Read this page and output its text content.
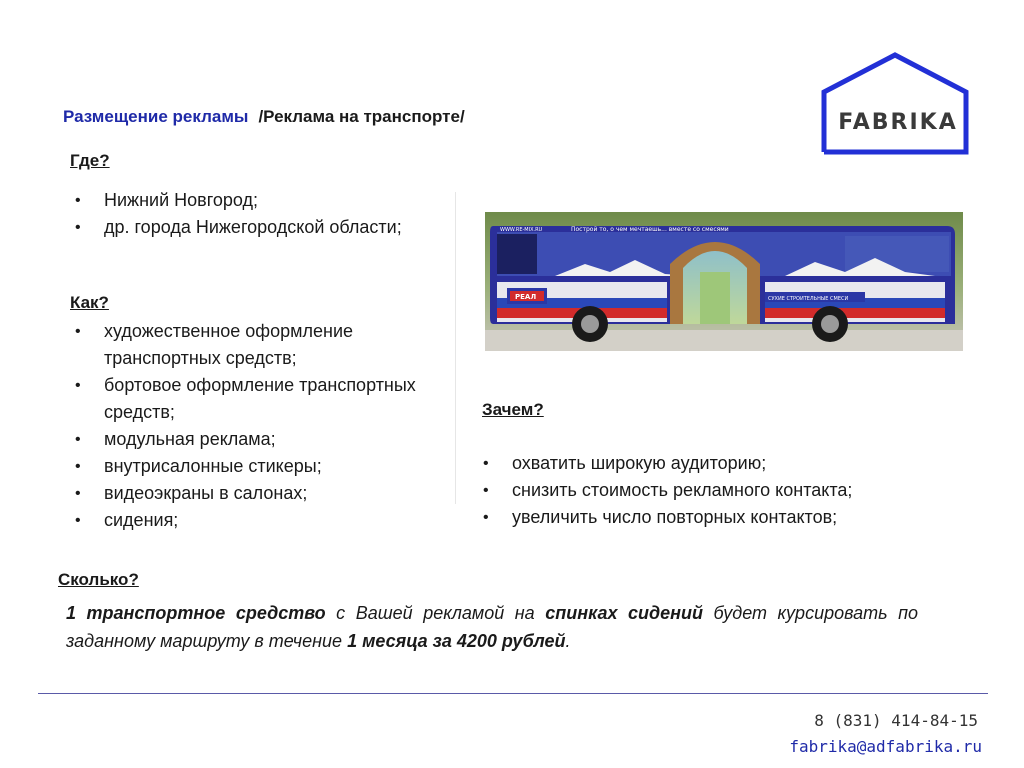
FABRIKA
Размещение рекламы /Реклама на транспорте/
Где?
• Нижний Новгород;
• др. города Нижегородской области;
Как?
• художественное оформление транспортных средств;
• бортовое оформление транспортных средств;
• модульная реклама;
• внутрисалонные стикеры;
• видеоэкраны в салонах;
• сидения;
Построй то, о чем мечтаешь... вместе со смесями
WWW.RE-MIX.RU
РЕАЛ	СУХИЕ СТРОИТЕЛЬНЫЕ СМЕСИ
Зачем?
• охватить широкую аудиторию;
• снизить стоимость рекламного контакта;
• увеличить число повторных контактов;
Сколько?
1 транспортное средство с Вашей рекламой на спинках сидений будет курсировать по заданному маршруту в течение 1 месяца за 4200 рублей.
8 (831) 414-84-15
fabrika@adfabrika.ru
